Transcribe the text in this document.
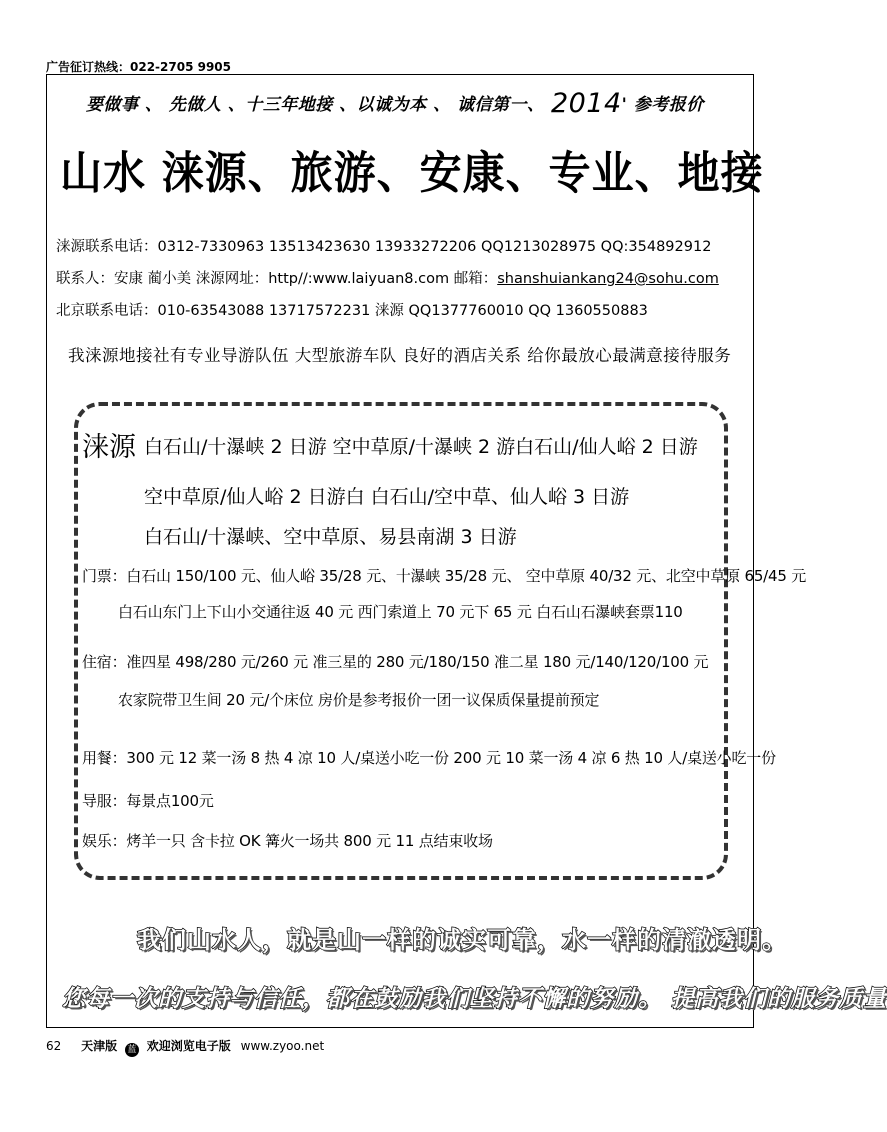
广告征订热线：022-2705 9905
要做事 、 先做人 、十三年地接 、以诚为本 、 诚信第一、 2014' 参考报价
山水 涞源、旅游、安康、专业、地接
涞源联系电话：0312-7330963 13513423630 13933272206 QQ1213028975 QQ:354892912
联系人：安康 蔺小美 涞源网址：http//:www.laiyuan8.com 邮箱：shanshuiankang24@sohu.com
北京联系电话：010-63543088 13717572231 涞源 QQ1377760010 QQ 1360550883
我涞源地接社有专业导游队伍 大型旅游车队 良好的酒店关系 给你最放心最满意接待服务
涞源 白石山/十瀑峡 2 日游 空中草原/十瀑峡 2 游白石山/仙人峪 2 日游
空中草原/仙人峪 2 日游白 白石山/空中草、仙人峪 3 日游
白石山/十瀑峡、空中草原、易县南湖 3 日游
门票：白石山 150/100 元、仙人峪 35/28 元、十瀑峡 35/28 元、 空中草原 40/32 元、北空中草原 65/45 元
白石山东门上下山小交通往返 40 元 西门索道上 70 元下 65 元 白石山石瀑峡套票110
住宿：准四星 498/280 元/260 元 准三星的 280 元/180/150 准二星 180 元/140/120/100 元
农家院带卫生间 20 元/个床位 房价是参考报价一团一议保质保量提前预定
用餐：300 元 12 菜一汤 8 热 4 凉 10 人/桌送小吃一份 200 元 10 菜一汤 4 凉 6 热 10 人/桌送小吃一份
导服：每景点100元
娱乐：烤羊一只 含卡拉 OK 篝火一场共 800 元 11 点结束收场
我们山水人，就是山一样的诚实可靠，水一样的清澈透明。
您每一次的支持与信任，都在鼓励我们坚持不懈的努励。 提高我们的服务质量
62 天津版 蓝 欢迎浏览电子版 www.zyoo.net
